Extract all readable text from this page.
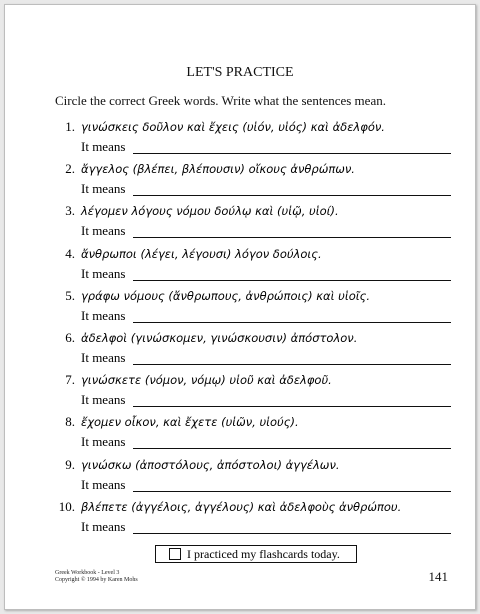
LET'S PRACTICE
Circle the correct Greek words. Write what the sentences mean.
1. γινώσκεις δοῦλον καὶ ἔχεις (υἱόν, υἱός) καὶ ἀδελφόν.
It means
2. ἄγγελος (βλέπει, βλέπουσιν) οἴκους ἀνθρώπων.
It means
3. λέγομεν λόγους νόμου δούλῳ καὶ (υἱῷ, υἱοί).
It means
4. ἄνθρωποι (λέγει, λέγουσι) λόγον δούλοις.
It means
5. γράφω νόμους (ἄνθρωπους, ἀνθρώποις) καὶ υἱοῖς.
It means
6. ἀδελφοὶ (γινώσκομεν, γινώσκουσιν) ἀπόστολον.
It means
7. γινώσκετε (νόμον, νόμῳ) υἱοῦ καὶ ἀδελφοῦ.
It means
8. ἔχομεν οἶκον, καὶ ἔχετε (υἱῶν, υἱούς).
It means
9. γινώσκω (ἀποστόλους, ἀπόστολοι) ἀγγέλων.
It means
10. βλέπετε (ἀγγέλοις, ἀγγέλους) καὶ ἀδελφοὺς ἀνθρώπου.
It means
I practiced my flashcards today.
Greek Workbook - Level 3
Copyright © 1994 by Karen Mohs	141
